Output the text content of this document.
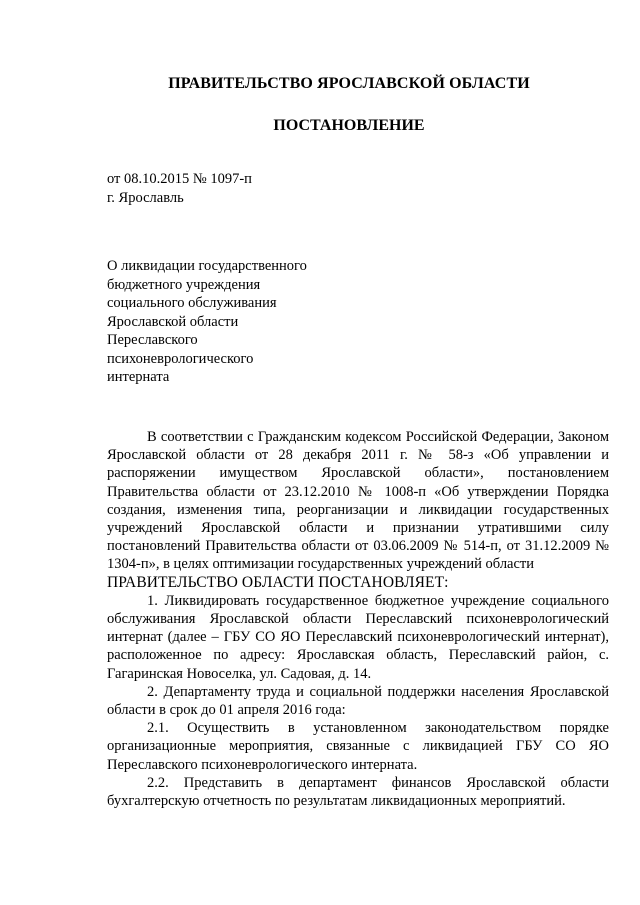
ПРАВИТЕЛЬСТВО ЯРОСЛАВСКОЙ ОБЛАСТИ
ПОСТАНОВЛЕНИЕ
от 08.10.2015 № 1097-п
г. Ярославль
О ликвидации государственного
бюджетного учреждения
социального обслуживания
Ярославской области
Переславского
психоневрологического
интерната

В соответствии с Гражданским кодексом Российской Федерации, Законом Ярославской области от 28 декабря 2011 г. № 58-з «Об управлении и распоряжении имуществом Ярославской области», постановлением Правительства области от 23.12.2010 № 1008-п «Об утверждении Порядка создания, изменения типа, реорганизации и ликвидации государственных учреждений Ярославской области и признании утратившими силу постановлений Правительства области от 03.06.2009 № 514-п, от 31.12.2009 № 1304-п», в целях оптимизации государственных учреждений области

ПРАВИТЕЛЬСТВО ОБЛАСТИ ПОСТАНОВЛЯЕТ:

1. Ликвидировать государственное бюджетное учреждение социального обслуживания Ярославской области Переславский психоневрологический интернат (далее – ГБУ СО ЯО Переславский психоневрологический интернат), расположенное по адресу: Ярославская область, Переславский район, с. Гагаринская Новоселка, ул. Садовая, д. 14.

2. Департаменту труда и социальной поддержки населения Ярославской области в срок до 01 апреля 2016 года:

2.1. Осуществить в установленном законодательством порядке организационные мероприятия, связанные с ликвидацией ГБУ СО ЯО Переславского психоневрологического интерната.

2.2. Представить в департамент финансов Ярославской области бухгалтерскую отчетность по результатам ликвидационных мероприятий.
